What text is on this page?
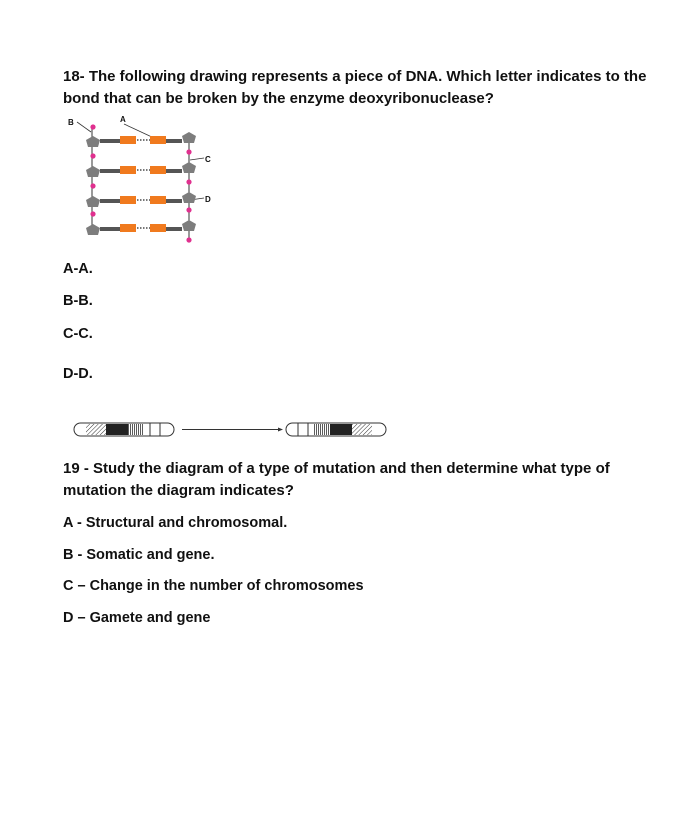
18- The following drawing represents a piece of DNA. Which letter indicates to the bond that can be broken by the enzyme deoxyribonuclease?

B	A
C
D

A-A.

B-B.

C-C.

D-D.

19 - Study the diagram of a type of mutation and then determine what type of mutation the diagram indicates?

A - Structural and chromosomal.

B - Somatic and gene.

C – Change in the number of chromosomes

D – Gamete and gene
